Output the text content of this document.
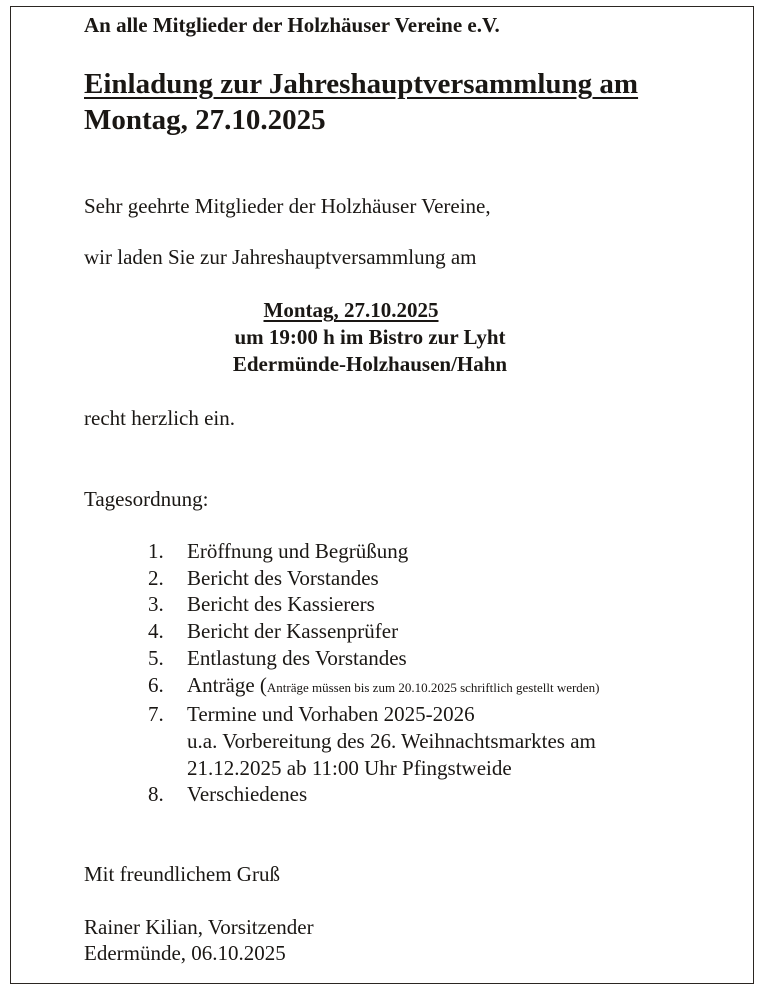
An alle Mitglieder der Holzhäuser Vereine e.V.
Einladung zur Jahreshauptversammlung am
Montag, 27.10.2025
Sehr geehrte Mitglieder der Holzhäuser Vereine,
wir laden Sie zur Jahreshauptversammlung am
Montag, 27.10.2025
um 19:00 h im Bistro zur Lyht
Edermünde-Holzhausen/Hahn
recht herzlich ein.
Tagesordnung:
1.	Eröffnung und Begrüßung
2.	Bericht des Vorstandes
3.	Bericht des Kassierers
4.	Bericht der Kassenprüfer
5.	Entlastung des Vorstandes
6.	Anträge (Anträge müssen bis zum 20.10.2025 schriftlich gestellt werden)
7.	Termine und Vorhaben 2025-2026
u.a. Vorbereitung des 26. Weihnachtsmarktes am
21.12.2025 ab 11:00 Uhr Pfingstweide
8.	Verschiedenes
Mit freundlichem Gruß
Rainer Kilian, Vorsitzender
Edermünde, 06.10.2025
